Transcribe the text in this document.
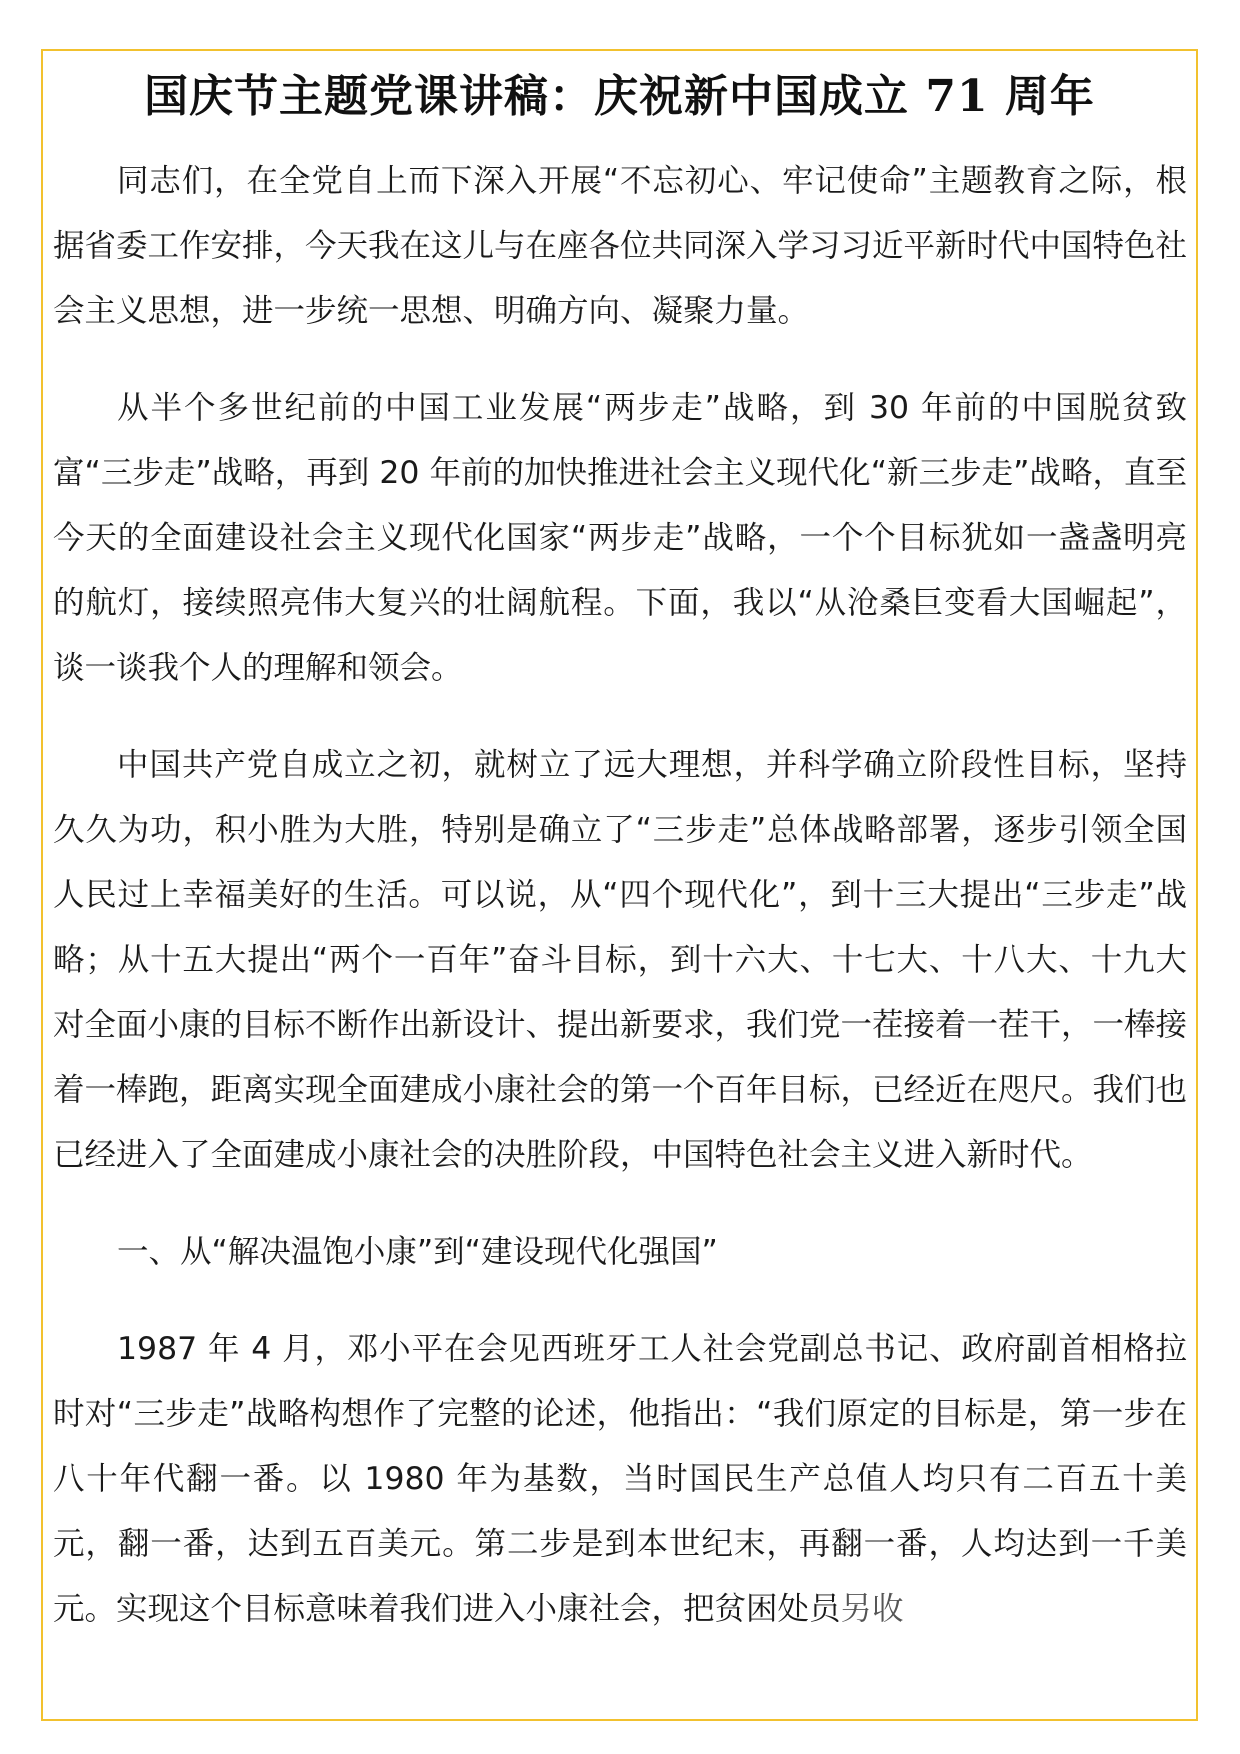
国庆节主题党课讲稿：庆祝新中国成立 71 周年

同志们，在全党自上而下深入开展“不忘初心、牢记使命”主题教育之际，根据省委工作安排，今天我在这儿与在座各位共同深入学习习近平新时代中国特色社会主义思想，进一步统一思想、明确方向、凝聚力量。

从半个多世纪前的中国工业发展“两步走”战略，到 30 年前的中国脱贫致富“三步走”战略，再到 20 年前的加快推进社会主义现代化“新三步走”战略，直至今天的全面建设社会主义现代化国家“两步走”战略，一个个目标犹如一盏盏明亮的航灯，接续照亮伟大复兴的壮阔航程。下面，我以“从沧桑巨变看大国崛起”，谈一谈我个人的理解和领会。

中国共产党自成立之初，就树立了远大理想，并科学确立阶段性目标，坚持久久为功，积小胜为大胜，特别是确立了“三步走”总体战略部署，逐步引领全国人民过上幸福美好的生活。可以说，从“四个现代化”，到十三大提出“三步走”战略；从十五大提出“两个一百年”奋斗目标，到十六大、十七大、十八大、十九大对全面小康的目标不断作出新设计、提出新要求，我们党一茬接着一茬干，一棒接着一棒跑，距离实现全面建成小康社会的第一个百年目标，已经近在咫尺。我们也已经进入了全面建成小康社会的决胜阶段，中国特色社会主义进入新时代。

一、从“解决温饱小康”到“建设现代化强国”

1987 年 4 月，邓小平在会见西班牙工人社会党副总书记、政府副首相格拉时对“三步走”战略构想作了完整的论述，他指出：“我们原定的目标是，第一步在八十年代翻一番。以 1980 年为基数，当时国民生产总值人均只有二百五十美元，翻一番，达到五百美元。第二步是到本世纪末，再翻一番，人均达到一千美元。实现这个目标意味着我们进入小康社会，把贫困处员另收
